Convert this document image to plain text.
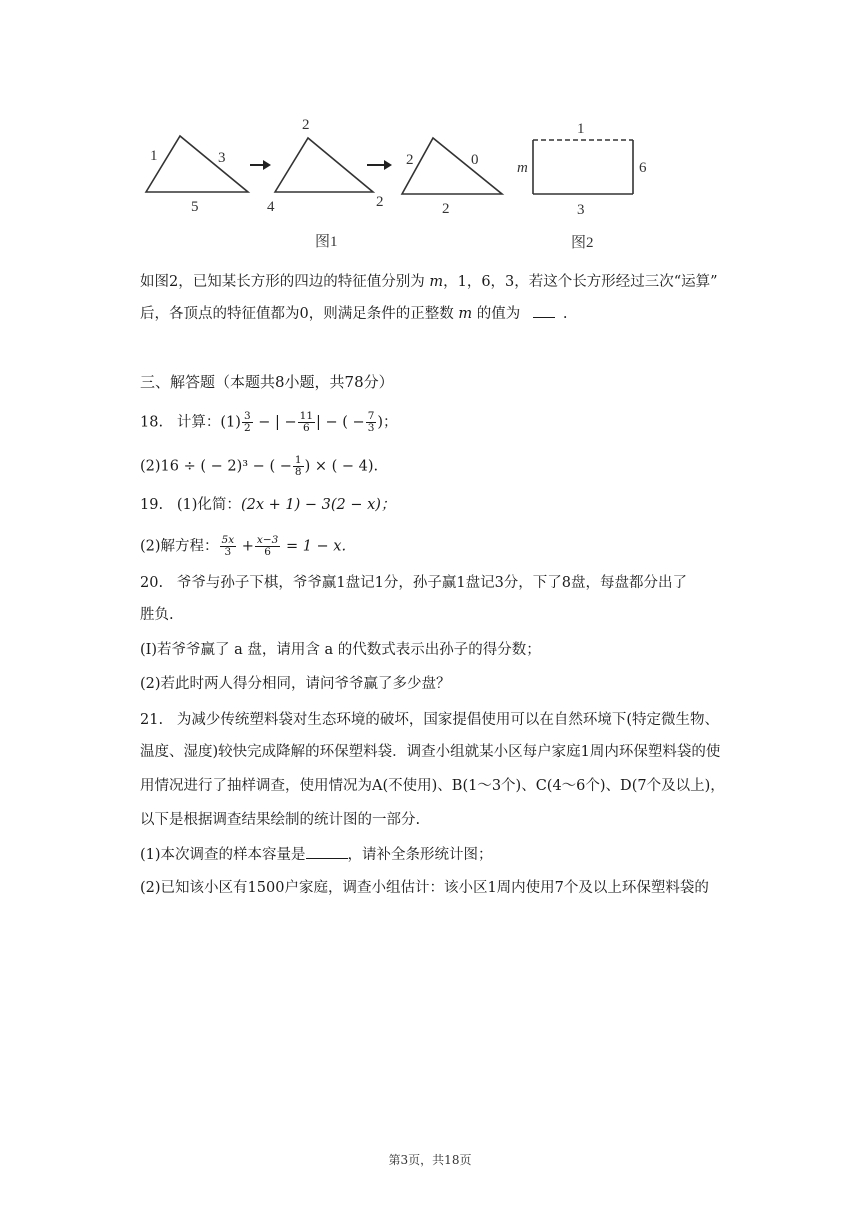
1	3
5
2
4	2
2	0
2
1
m	6
3
图1	图2
如图2，已知某长方形的四边的特征值分别为 m，1，6，3，若这个长方形经过三次“运算”
后，各顶点的特征值都为0，则满足条件的正整数 m 的值为	.
三、解答题（本题共8小题，共78分）
18. 计算：$(1) \frac{3}{2}$ − | − $\frac{11}{6}$ | − ( − $\frac{7}{3}$ )；
(2)16 ÷ ( − 2)³ − ( − $\frac{1}{8}$ ) × ( − 4).
19. (1)化简：(2x + 1) − 3(2 − x)；
(2)解方程： $\frac{5x}{3} + \frac{x-3}{6} = 1 - x$.
20. 爷爷与孙子下棋，爷爷赢1盘记1分，孙子赢1盘记3分，下了8盘，每盘都分出了
胜负.
(I)若爷爷赢了 a 盘，请用含 a 的代数式表示出孙子的得分数；
(2)若此时两人得分相同，请问爷爷赢了多少盘？
21. 为减少传统塑料袋对生态环境的破坏，国家提倡使用可以在自然环境下(特定微生物、
温度、湿度)较快完成降解的环保塑料袋．调查小组就某小区每户家庭1周内环保塑料袋的使
用情况进行了抽样调查，使用情况为A(不使用)、B(1～3个)、C(4～6个)、D(7个及以上)，
以下是根据调查结果绘制的统计图的一部分.
(1)本次调查的样本容量是	，请补全条形统计图；
(2)已知该小区有1500户家庭，调查小组估计：该小区1周内使用7个及以上环保塑料袋的
第3页，共18页
